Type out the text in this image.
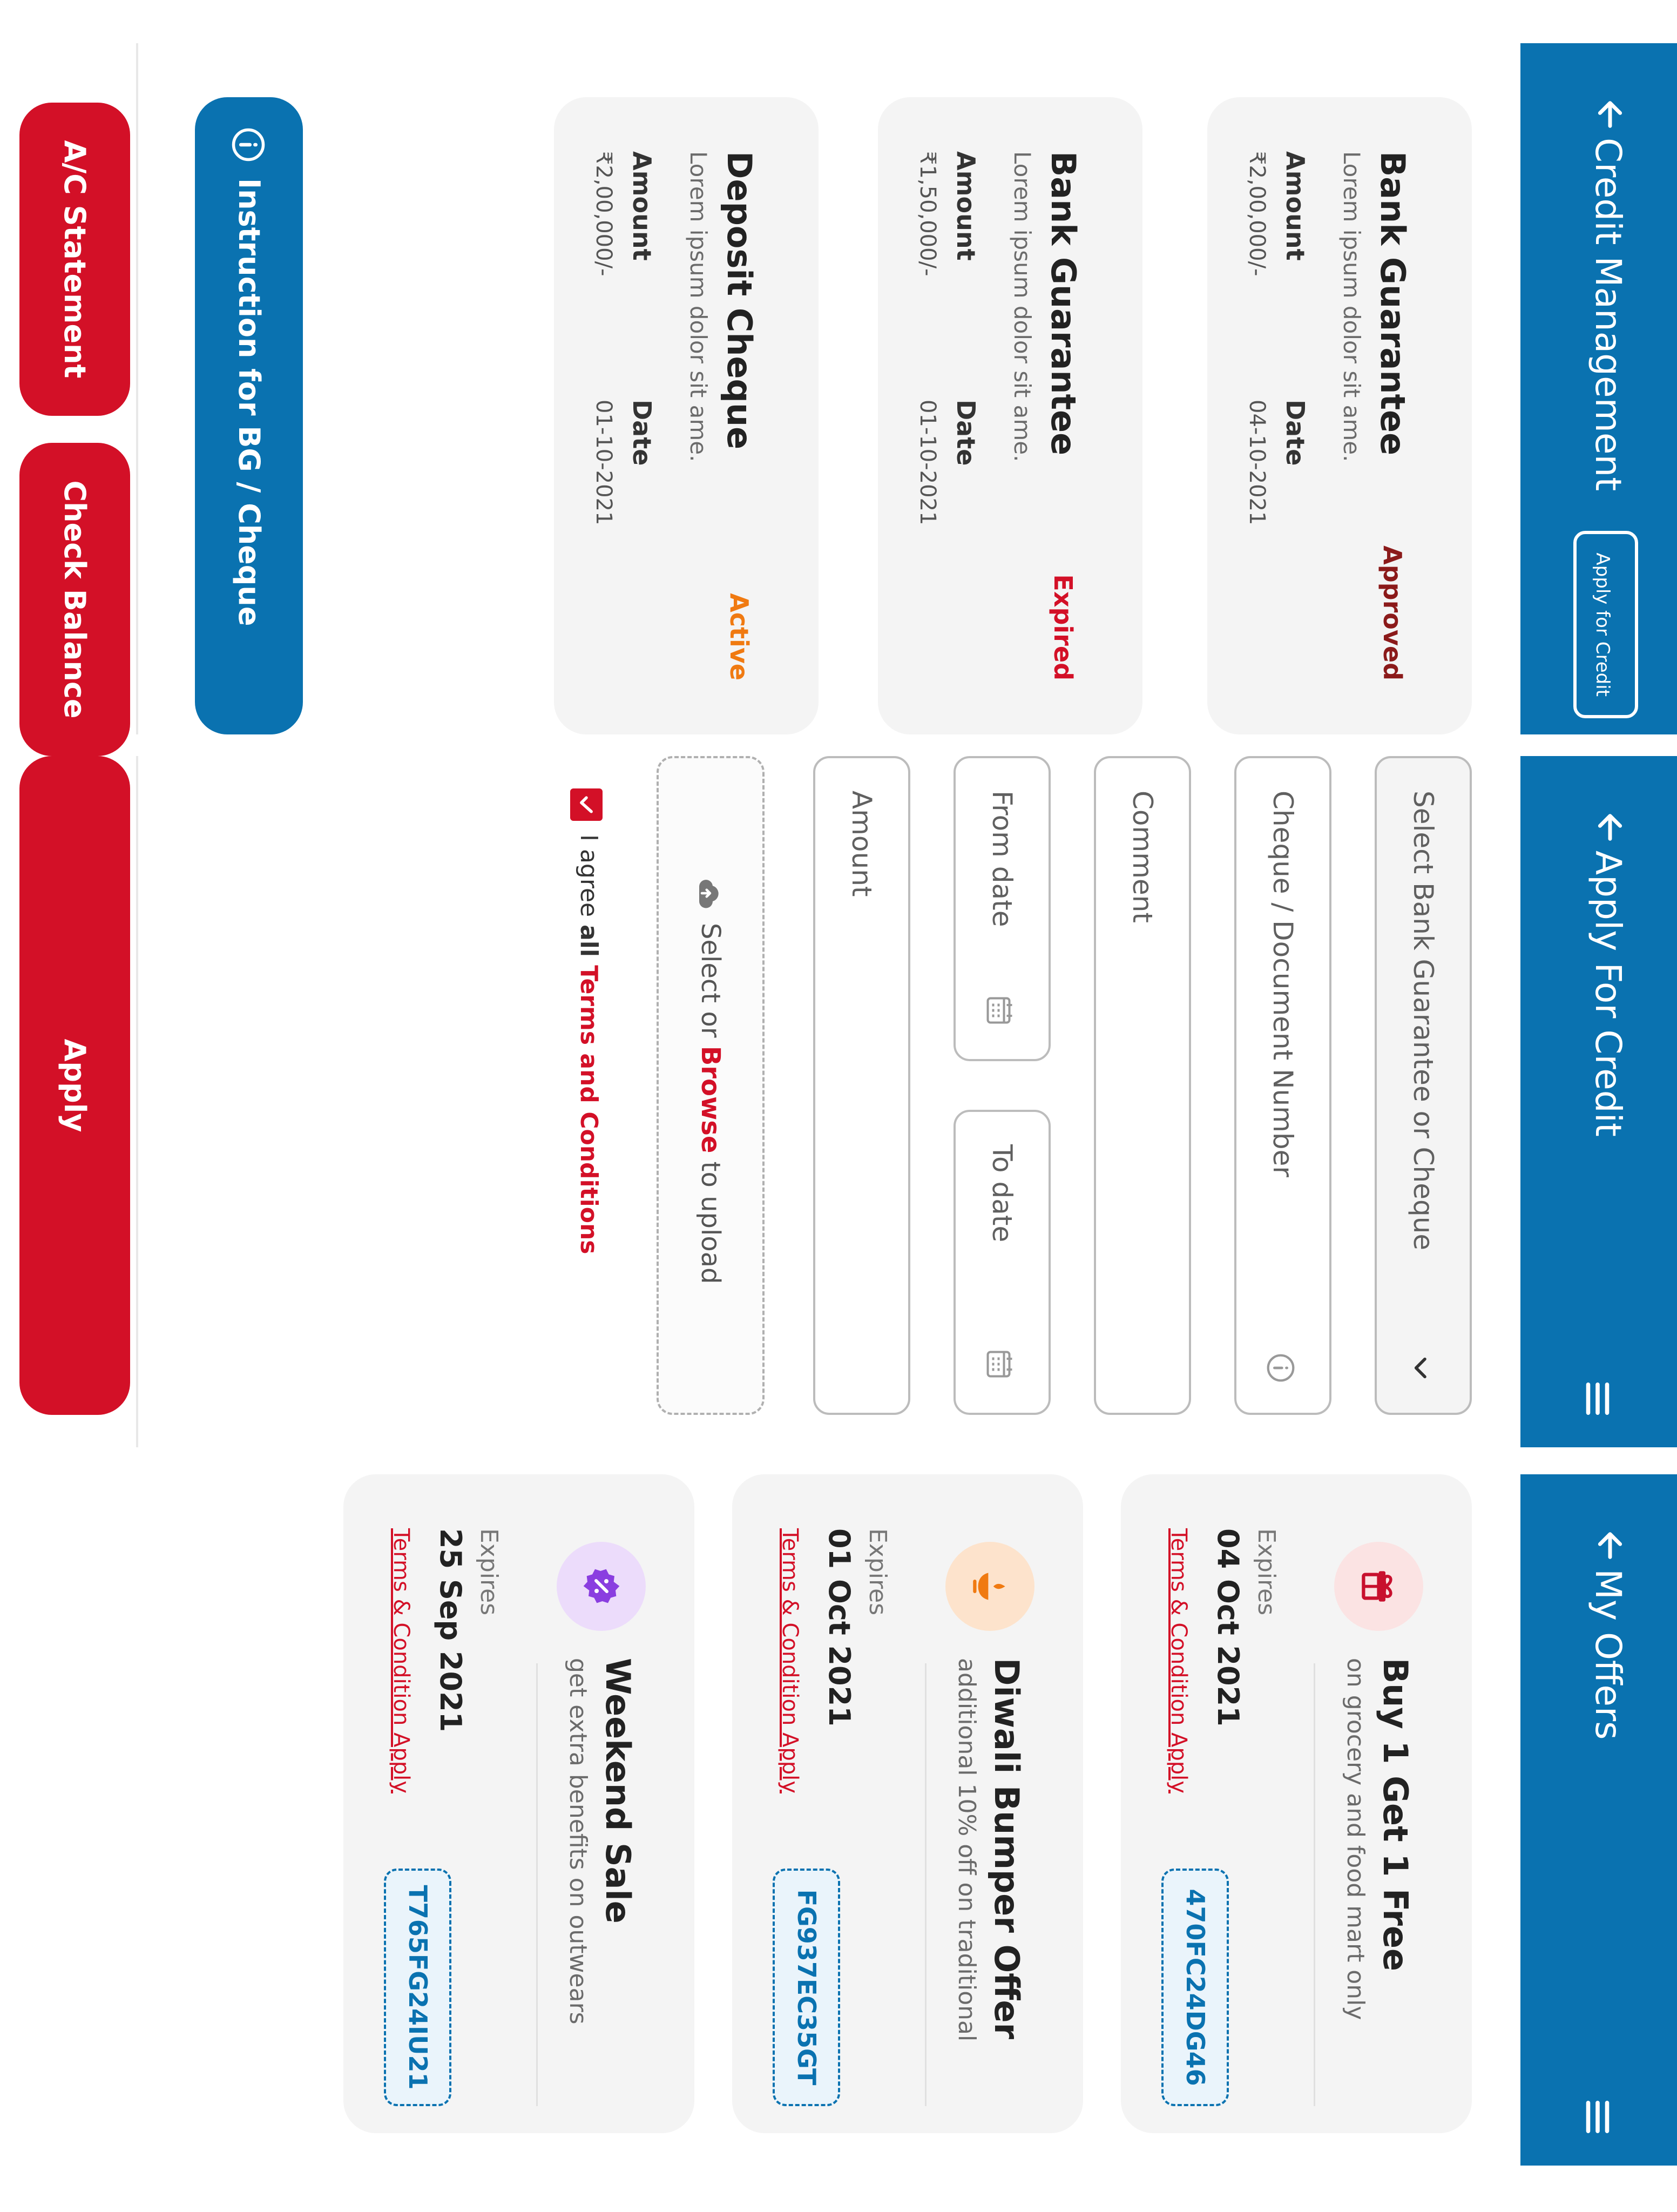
Credit Management
Apply for Credit
Bank Guarantee
Approved
Lorem ipsum dolor sit ame.
Amount
₹2,00,000/-
Date
04-10-2021
Bank Guarantee
Expired
Lorem ipsum dolor sit ame.
Amount
₹1,50,000/-
Date
01-10-2021
Deposit Cheque
Active
Lorem ipsum dolor sit ame.
Amount
₹2,00,000/-
Date
01-10-2021
Instruction for BG / Cheque
A/C Statement
Check Balance
Apply For Credit
Select Bank Guarantee or Cheque
Cheque / Document Number
Comment
From date
To date
Amount
Select or Browse to upload
I agree all Terms and Conditions
Apply
My Offers
Buy 1 Get 1 Free
on grocery and food mart only
Expires
04 Oct 2021
Terms & Condition Apply
470FC24DG46
Diwali Bumper Offer
additional 10% off on traditional
Expires
01 Oct 2021
Terms & Condition Apply
FG937EC35GT
Weekend Sale
get extra benefits on outwears
Expires
25 Sep 2021
Terms & Condition Apply
T765FG24IU21
